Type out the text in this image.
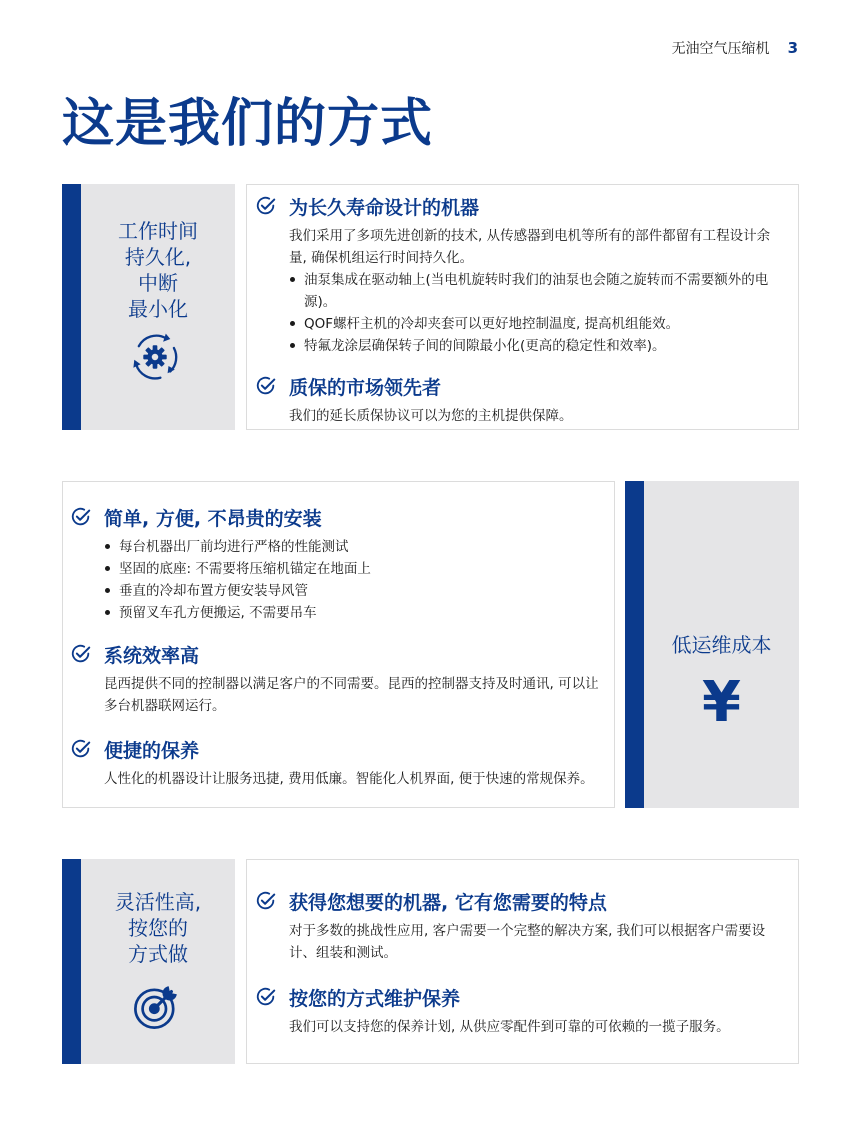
无油空气压缩机 3
这是我们的方式
工作时间
持久化,
中断
最小化
为长久寿命设计的机器
我们采用了多项先进创新的技术, 从传感器到电机等所有的部件都留有工程设计余量, 确保机组运行时间持久化。
油泵集成在驱动轴上(当电机旋转时我们的油泵也会随之旋转而不需要额外的电源)。
QOF螺杆主机的冷却夹套可以更好地控制温度, 提高机组能效。
特氟龙涂层确保转子间的间隙最小化(更高的稳定性和效率)。
质保的市场领先者
我们的延长质保协议可以为您的主机提供保障。
简单, 方便, 不昂贵的安装
每台机器出厂前均进行严格的性能测试
坚固的底座: 不需要将压缩机锚定在地面上
垂直的冷却布置方便安装导风管
预留叉车孔方便搬运, 不需要吊车
系统效率高
昆西提供不同的控制器以满足客户的不同需要。昆西的控制器支持及时通讯, 可以让多台机器联网运行。
便捷的保养
人性化的机器设计让服务迅捷, 费用低廉。智能化人机界面, 便于快速的常规保养。
低运维成本
¥
灵活性高,
按您的
方式做
获得您想要的机器, 它有您需要的特点
对于多数的挑战性应用, 客户需要一个完整的解决方案, 我们可以根据客户需要设计、组装和测试。
按您的方式维护保养
我们可以支持您的保养计划, 从供应零配件到可靠的可依赖的一揽子服务。
